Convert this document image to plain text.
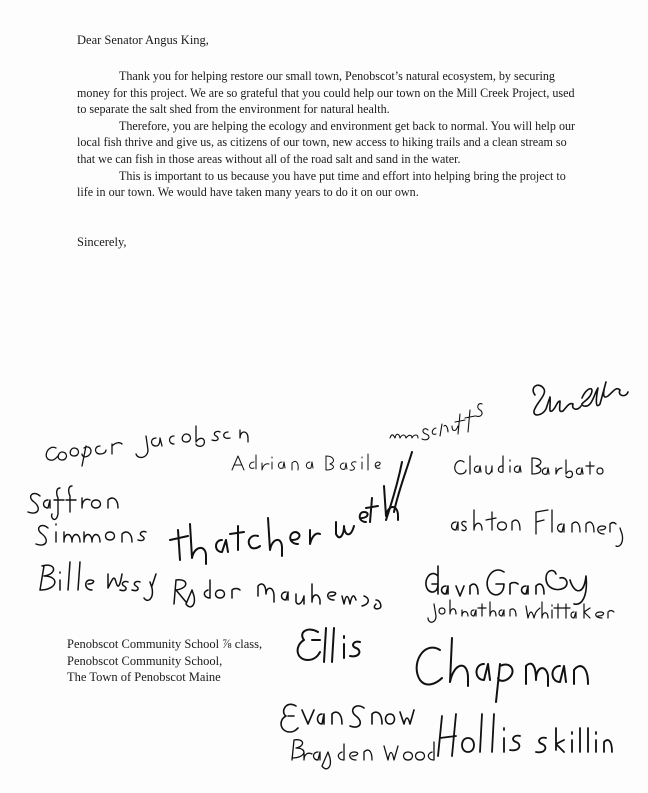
Dear Senator Angus King,

Thank you for helping restore our small town, Penobscot’s natural ecosystem, by securing money for this project. We are so grateful that you could help our town on the Mill Creek Project, used to separate the salt shed from the environment for natural health.

Therefore, you are helping the ecology and environment get back to normal. You will help our local fish thrive and give us, as citizens of our town, new access to hiking trails and a clean stream so that we can fish in those areas without all of the road salt and sand in the water.

This is important to us because you have put time and effort into helping bring the project to life in our town. We would have taken many years to do it on our own.

Sincerely,
Penobscot Community School ⅞ class,
Penobscot Community School,
The Town of Penobscot Maine
